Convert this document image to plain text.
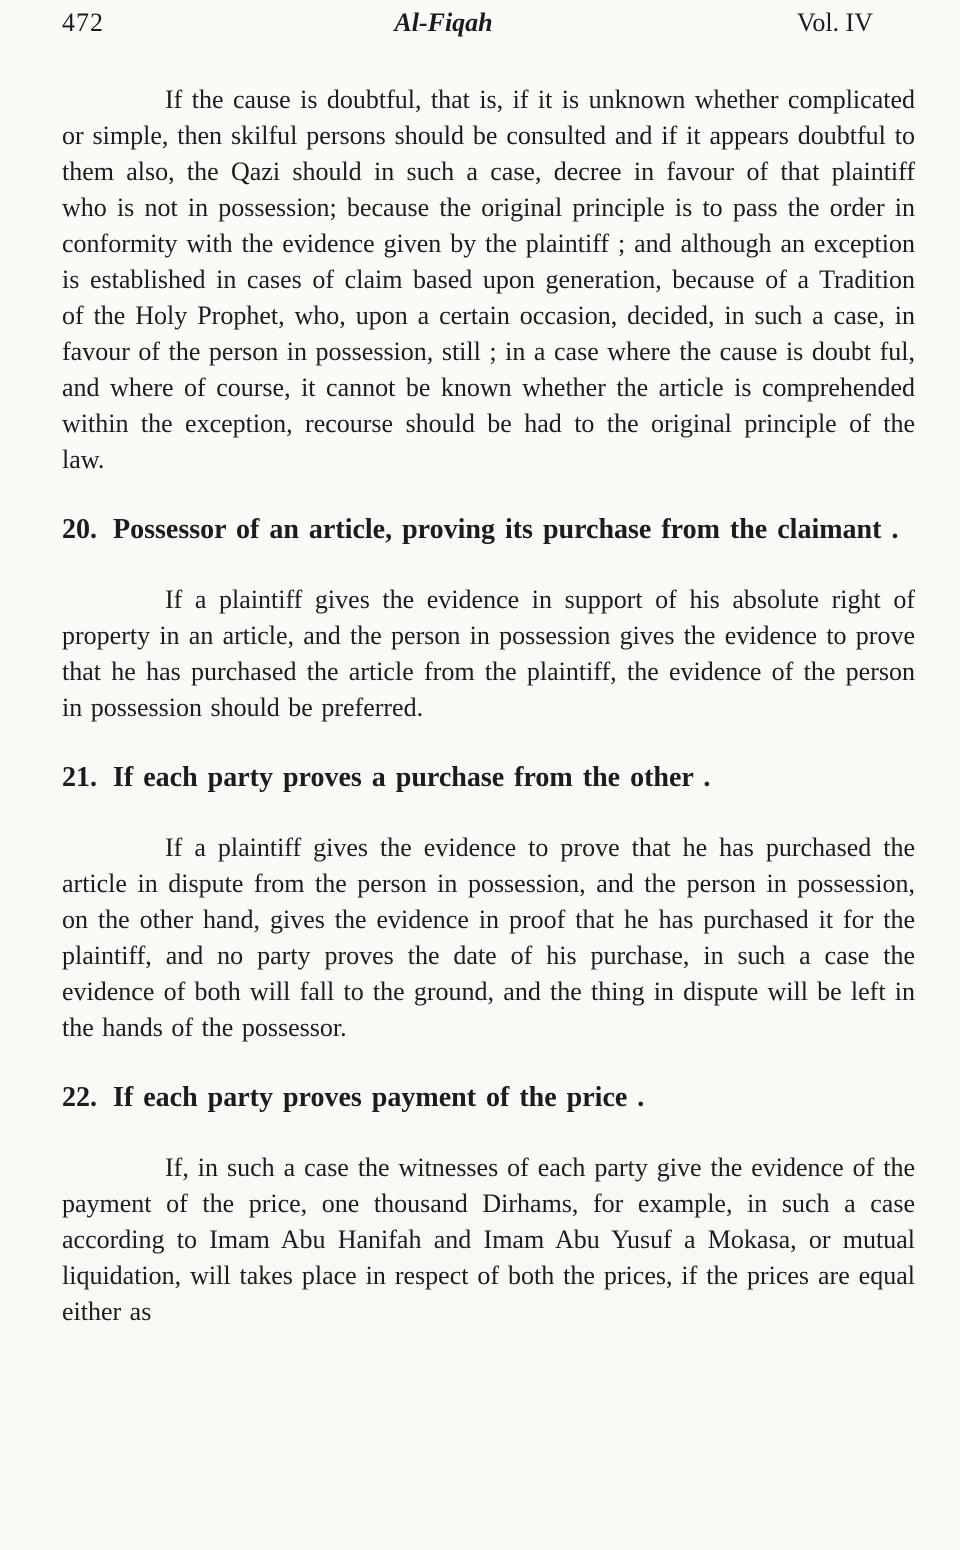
472	Al-Fiqah	Vol. IV

If the cause is doubtful, that is, if it is unknown whether complicated or simple, then skilful persons should be consulted and if it appears doubtful to them also, the Qazi should in such a case, decree in favour of that plaintiff who is not in possession; because the original principle is to pass the order in conformity with the evidence given by the plaintiff ; and although an exception is established in cases of claim based upon generation, because of a Tradition of the Holy Prophet, who, upon a certain occasion, decided, in such a case, in favour of the person in possession, still ; in a case where the cause is doubt ful, and where of course, it cannot be known whether the article is comprehended within the exception, recourse should be had to the original principle of the law.

20. Possessor of an article, proving its purchase from the claimant .

If a plaintiff gives the evidence in support of his absolute right of property in an article, and the person in possession gives the evidence to prove that he has purchased the article from the plaintiff, the evidence of the person in possession should be preferred.

21. If each party proves a purchase from the other .

If a plaintiff gives the evidence to prove that he has purchased the article in dispute from the person in possession, and the person in possession, on the other hand, gives the evidence in proof that he has purchased it for the plaintiff, and no party proves the date of his purchase, in such a case the evidence of both will fall to the ground, and the thing in dispute will be left in the hands of the possessor.

22. If each party proves payment of the price .

If, in such a case the witnesses of each party give the evidence of the payment of the price, one thousand Dirhams, for example, in such a case according to Imam Abu Hanifah and Imam Abu Yusuf a Mokasa, or mutual liquidation, will takes place in respect of both the prices, if the prices are equal either as
